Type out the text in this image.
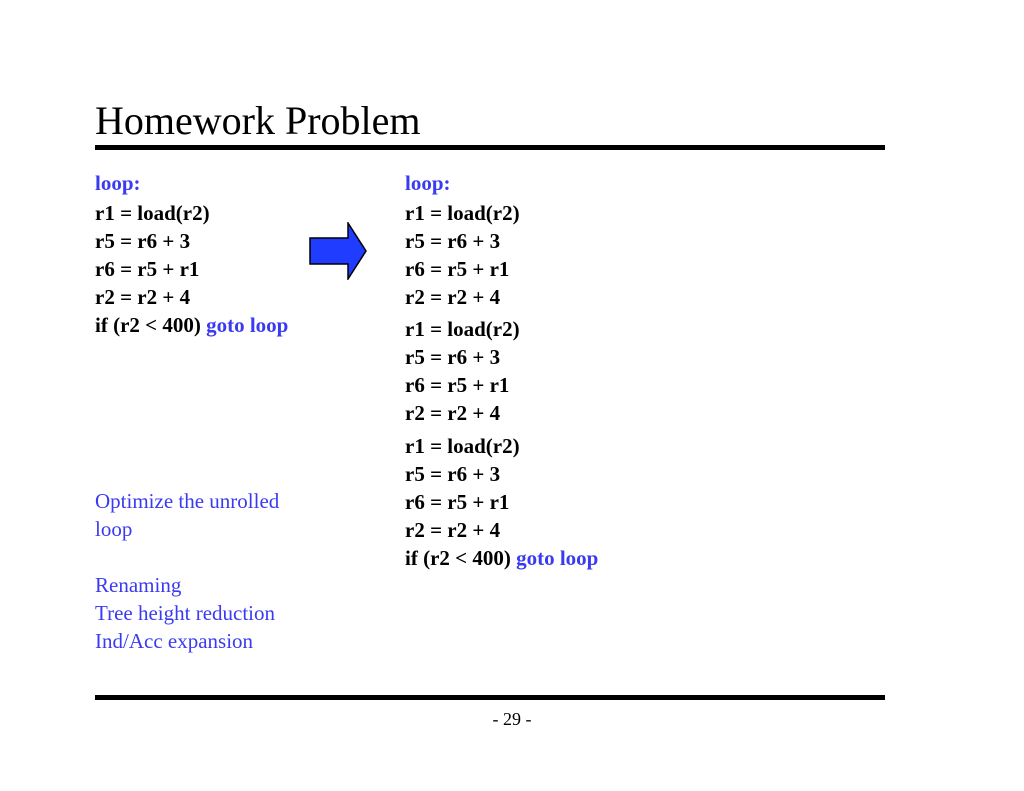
Homework Problem
loop:
r1 = load(r2)
r5 = r6 + 3
r6 = r5 + r1
r2 = r2 + 4
if (r2 < 400) goto loop
Optimize the unrolled
loop
Renaming
Tree height reduction
Ind/Acc expansion
loop:
r1 = load(r2)
r5 = r6 + 3
r6 = r5 + r1
r2 = r2 + 4
r1 = load(r2)
r5 = r6 + 3
r6 = r5 + r1
r2 = r2 + 4
r1 = load(r2)
r5 = r6 + 3
r6 = r5 + r1
r2 = r2 + 4
if (r2 < 400) goto loop
- 29 -
